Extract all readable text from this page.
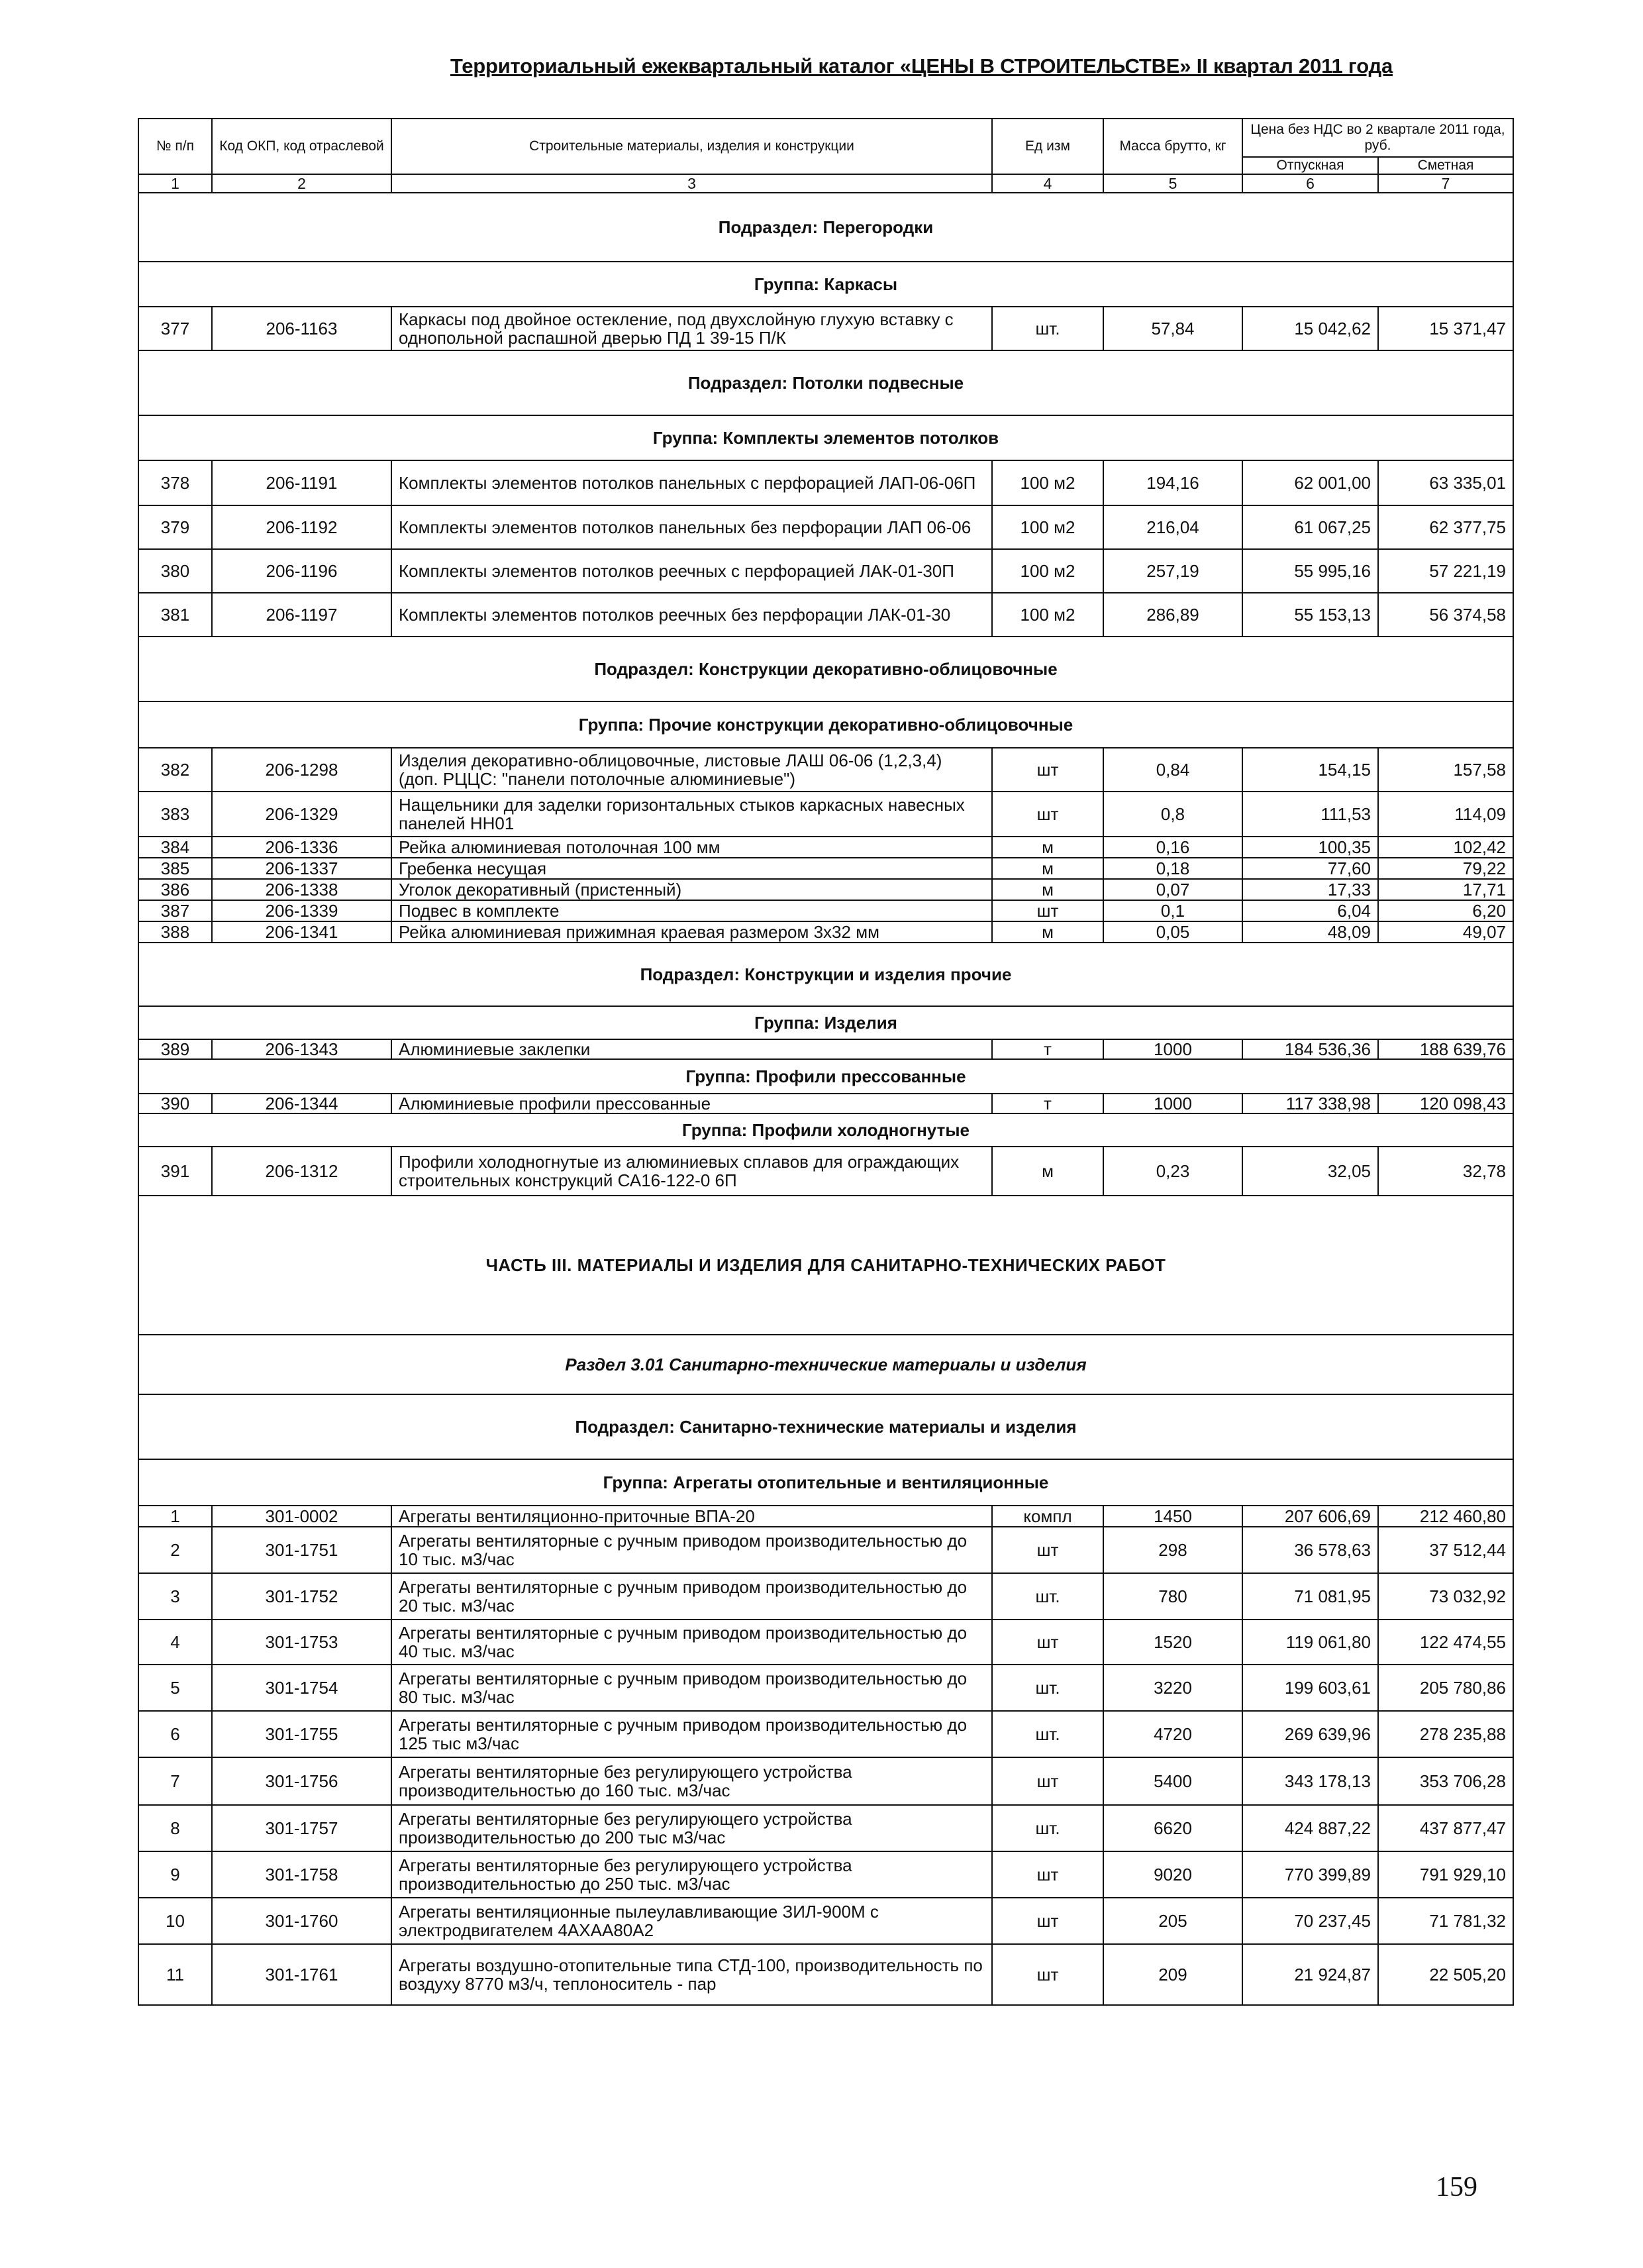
Территориальный ежеквартальный каталог «ЦЕНЫ В СТРОИТЕЛЬСТВЕ» II квартал 2011 года
№ п/п	Код ОКП, код отраслевой	Строительные материалы, изделия и конструкции	Ед изм	Масса брутто, кг	Цена без НДС во 2 квартале 2011 года, руб.	
					Отпускная	Сметная
1	2	3	4	5	6	7
Подраздел: Перегородки						
Группа: Каркасы						
377	206-1163	Каркасы под двойное остекление, под двухслойную глухую вставку с однопольной распашной дверью ПД 1 39-15 П/К	шт.	57,84	15 042,62	15 371,47
Подраздел: Потолки подвесные						
Группа: Комплекты элементов потолков						
378	206-1191	Комплекты элементов потолков панельных с перфорацией ЛАП-06-06П	100 м2	194,16	62 001,00	63 335,01
379	206-1192	Комплекты элементов потолков панельных без перфорации ЛАП 06-06	100 м2	216,04	61 067,25	62 377,75
380	206-1196	Комплекты элементов потолков реечных с перфорацией ЛАК-01-30П	100 м2	257,19	55 995,16	57 221,19
381	206-1197	Комплекты элементов потолков реечных без перфорации ЛАК-01-30	100 м2	286,89	55 153,13	56 374,58
Подраздел: Конструкции декоративно-облицовочные						
Группа: Прочие конструкции декоративно-облицовочные						
382	206-1298	Изделия декоративно-облицовочные, листовые ЛАШ 06-06 (1,2,3,4) (доп. РЦЦС: "панели потолочные алюминиевые")	шт	0,84	154,15	157,58
383	206-1329	Нащельники для заделки горизонтальных стыков каркасных навесных панелей НН01	шт	0,8	111,53	114,09
384	206-1336	Рейка алюминиевая потолочная 100 мм	м	0,16	100,35	102,42
385	206-1337	Гребенка несущая	м	0,18	77,60	79,22
386	206-1338	Уголок декоративный (пристенный)	м	0,07	17,33	17,71
387	206-1339	Подвес в комплекте	шт	0,1	6,04	6,20
388	206-1341	Рейка алюминиевая прижимная краевая размером 3х32 мм	м	0,05	48,09	49,07
Подраздел: Конструкции и изделия прочие						
Группа: Изделия						
389	206-1343	Алюминиевые заклепки	т	1000	184 536,36	188 639,76
Группа: Профили прессованные						
390	206-1344	Алюминиевые профили прессованные	т	1000	117 338,98	120 098,43
Группа: Профили холодногнутые						
391	206-1312	Профили холодногнутые из алюминиевых сплавов для ограждающих строительных конструкций СА16-122-0 6П	м	0,23	32,05	32,78
ЧАСТЬ III. МАТЕРИАЛЫ И ИЗДЕЛИЯ ДЛЯ САНИТАРНО-ТЕХНИЧЕСКИХ РАБОТ						
Раздел 3.01 Санитарно-технические материалы и изделия						
Подраздел: Санитарно-технические материалы и изделия						
Группа: Агрегаты отопительные и вентиляционные						
1	301-0002	Агрегаты вентиляционно-приточные ВПА-20	компл	1450	207 606,69	212 460,80
2	301-1751	Агрегаты вентиляторные с ручным приводом производительностью до 10 тыс. м3/час	шт	298	36 578,63	37 512,44
3	301-1752	Агрегаты вентиляторные с ручным приводом производительностью до 20 тыс. м3/час	шт.	780	71 081,95	73 032,92
4	301-1753	Агрегаты вентиляторные с ручным приводом производительностью до 40 тыс. м3/час	шт	1520	119 061,80	122 474,55
5	301-1754	Агрегаты вентиляторные с ручным приводом производительностью до 80 тыс. м3/час	шт.	3220	199 603,61	205 780,86
6	301-1755	Агрегаты вентиляторные с ручным приводом производительностью до 125 тыс м3/час	шт.	4720	269 639,96	278 235,88
7	301-1756	Агрегаты вентиляторные без регулирующего устройства производительностью до 160 тыс. м3/час	шт	5400	343 178,13	353 706,28
8	301-1757	Агрегаты вентиляторные без регулирующего устройства производительностью до 200 тыс м3/час	шт.	6620	424 887,22	437 877,47
9	301-1758	Агрегаты вентиляторные без регулирующего устройства производительностью до 250 тыс. м3/час	шт	9020	770 399,89	791 929,10
10	301-1760	Агрегаты вентиляционные пылеулавливающие ЗИЛ-900М с электродвигателем 4АХАА80А2	шт	205	70 237,45	71 781,32
11	301-1761	Агрегаты воздушно-отопительные типа СТД-100, производительность по воздуху 8770 м3/ч, теплоноситель - пар	шт	209	21 924,87	22 505,20
159
